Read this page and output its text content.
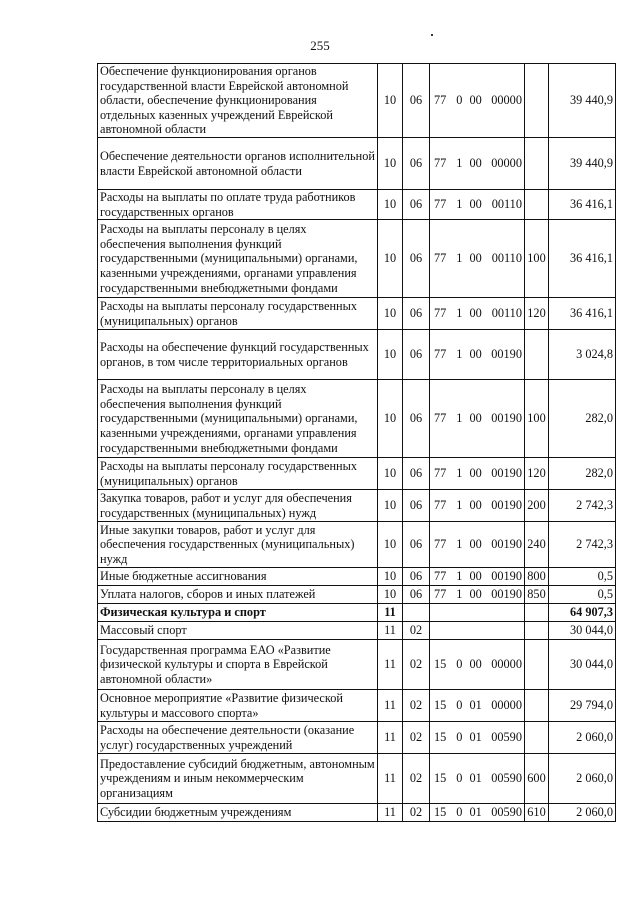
255
Обеспечение функционирования органов государственной власти Еврейской автономной области, обеспечение функционирования отдельных казенных учреждений Еврейской автономной области	10	06	77 0 00 00000		39 440,9
Обеспечение деятельности органов исполнительной власти Еврейской автономной области	10	06	77 1 00 00000		39 440,9
Расходы на выплаты по оплате труда работников государственных органов	10	06	77 1 00 00110		36 416,1
Расходы на выплаты персоналу в целях обеспечения выполнения функций государственными (муниципальными) органами, казенными учреждениями, органами управления государственными внебюджетными фондами	10	06	77 1 00 00110	100	36 416,1
Расходы на выплаты персоналу государственных (муниципальных) органов	10	06	77 1 00 00110	120	36 416,1
Расходы на обеспечение функций государственных органов, в том числе территориальных органов	10	06	77 1 00 00190		3 024,8
Расходы на выплаты персоналу в целях обеспечения выполнения функций государственными (муниципальными) органами, казенными учреждениями, органами управления государственными внебюджетными фондами	10	06	77 1 00 00190	100	282,0
Расходы на выплаты персоналу государственных (муниципальных) органов	10	06	77 1 00 00190	120	282,0
Закупка товаров, работ и услуг для обеспечения государственных (муниципальных) нужд	10	06	77 1 00 00190	200	2 742,3
Иные закупки товаров, работ и услуг для обеспечения государственных (муниципальных) нужд	10	06	77 1 00 00190	240	2 742,3
Иные бюджетные ассигнования	10	06	77 1 00 00190	800	0,5
Уплата налогов, сборов и иных платежей	10	06	77 1 00 00190	850	0,5
Физическая культура и спорт	11				64 907,3
Массовый спорт	11	02			30 044,0
Государственная программа ЕАО «Развитие физической культуры и спорта в Еврейской автономной области»	11	02	15 0 00 00000		30 044,0
Основное мероприятие «Развитие физической культуры и массового спорта»	11	02	15 0 01 00000		29 794,0
Расходы на обеспечение деятельности (оказание услуг) государственных учреждений	11	02	15 0 01 00590		2 060,0
Предоставление субсидий бюджетным, автономным учреждениям и иным некоммерческим организациям	11	02	15 0 01 00590	600	2 060,0
Субсидии бюджетным учреждениям	11	02	15 0 01 00590	610	2 060,0
